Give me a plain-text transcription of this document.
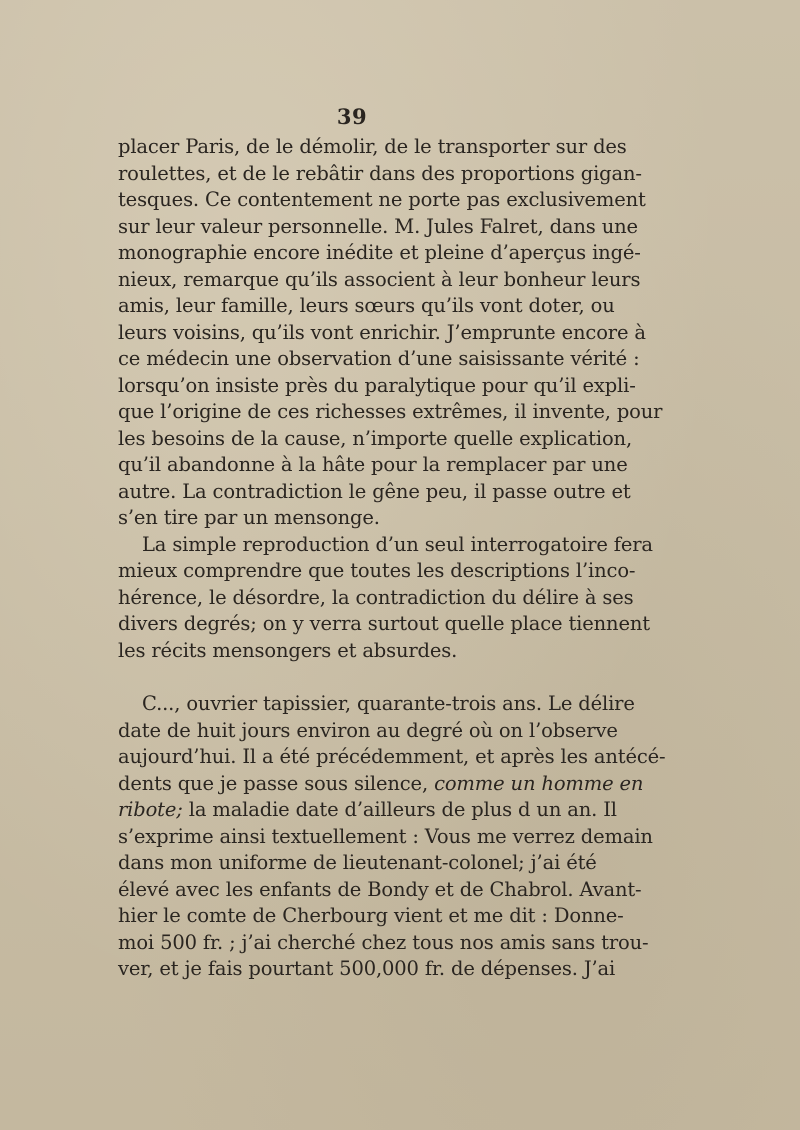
39
placer Paris, de le démolir, de le transporter sur des
roulettes, et de le rebâtir dans des proportions gigan-
tesques. Ce contentement ne porte pas exclusivement
sur leur valeur personnelle. M. Jules Falret, dans une
monographie encore inédite et pleine d’aperçus ingé-
nieux, remarque qu’ils associent à leur bonheur leurs
amis, leur famille, leurs sœurs qu’ils vont doter, ou
leurs voisins, qu’ils vont enrichir. J’emprunte encore à
ce médecin une observation d’une saisissante vérité :
lorsqu’on insiste près du paralytique pour qu’il expli-
que l’origine de ces richesses extrêmes, il invente, pour
les besoins de la cause, n’importe quelle explication,
qu’il abandonne à la hâte pour la remplacer par une
autre. La contradiction le gêne peu, il passe outre et
s’en tire par un mensonge.
La simple reproduction d’un seul interrogatoire fera
mieux comprendre que toutes les descriptions l’inco-
hérence, le désordre, la contradiction du délire à ses
divers degrés; on y verra surtout quelle place tiennent
les récits mensongers et absurdes.
C..., ouvrier tapissier, quarante-trois ans. Le délire
date de huit jours environ au degré où on l’observe
aujourd’hui. Il a été précédemment, et après les antécé-
dents que je passe sous silence, comme un homme en
ribote; la maladie date d’ailleurs de plus d un an. Il
s’exprime ainsi textuellement : Vous me verrez demain
dans mon uniforme de lieutenant-colonel; j’ai été
élevé avec les enfants de Bondy et de Chabrol. Avant-
hier le comte de Cherbourg vient et me dit : Donne-
moi 500 fr. ; j’ai cherché chez tous nos amis sans trou-
ver, et je fais pourtant 500,000 fr. de dépenses. J’ai
